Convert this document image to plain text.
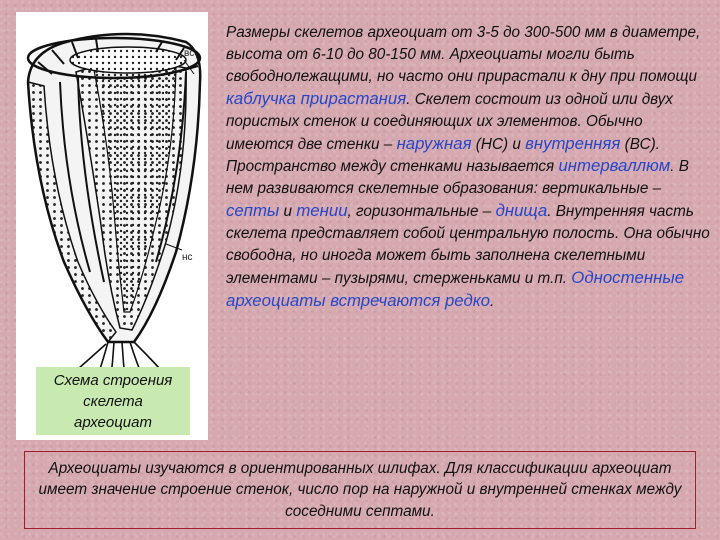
вс
нс
Схема строения
скелета
археоциат

Размеры скелетов археоциат от 3-5 до 300-500 мм в диаметре, высота от 6-10 до 80-150 мм. Археоциаты могли быть свободнолежащими, но часто они прирастали к дну при помощи каблучка прирастания. Скелет состоит из одной или двух пористых стенок и соединяющих их элементов. Обычно имеются две стенки – наружная (НС) и внутренняя (ВС). Пространство между стенками называется интерваллюм. В нем развиваются скелетные образования: вертикальные – септы и тении, горизонтальные – днища. Внутренняя часть скелета представляет собой центральную полость. Она обычно свободна, но иногда может быть заполнена скелетными элементами – пузырями, стерженьками и т.п. Одностенные археоциаты встречаются редко.

Археоциаты изучаются в ориентированных шлифах. Для классификации археоциат имеет значение строение стенок, число пор на наружной и внутренней стенках между соседними септами.
